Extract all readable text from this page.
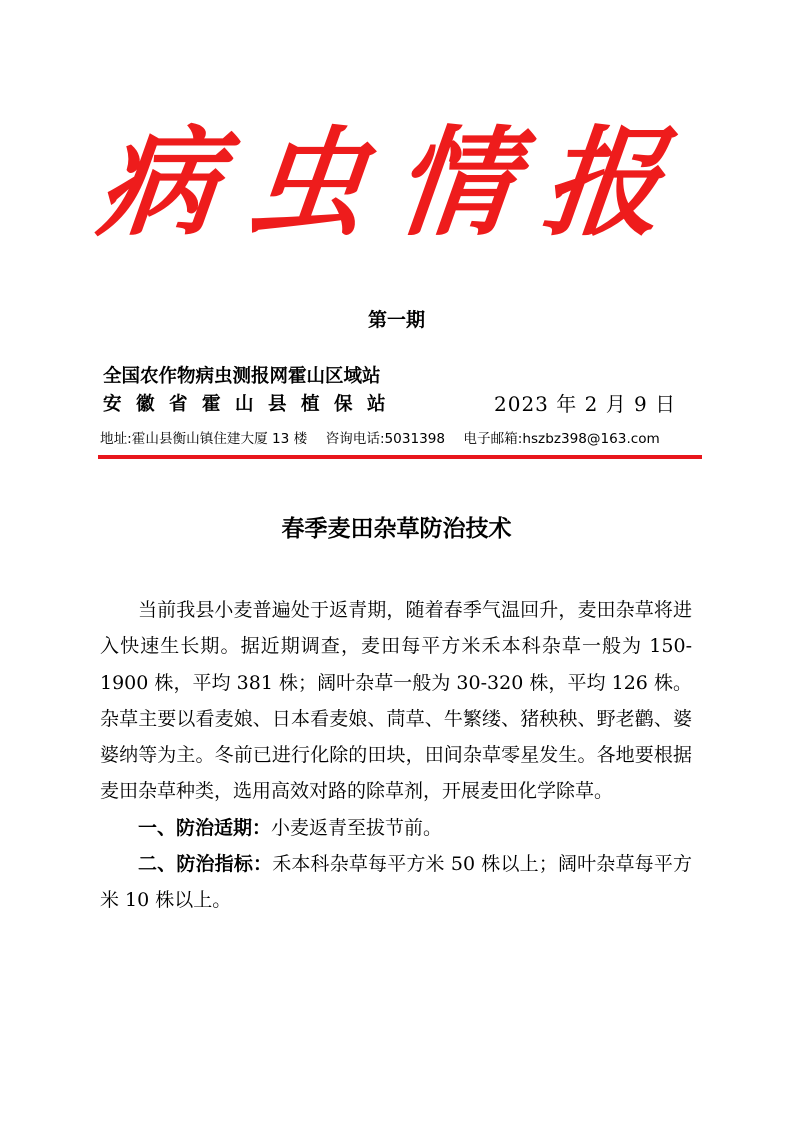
病虫情报
第一期
全国农作物病虫测报网霍山区域站
安徽省霍山县植保站	2023 年 2 月 9 日
地址:霍山县衡山镇住建大厦 13 楼 咨询电话:5031398 电子邮箱:hszbz398@163.com
春季麦田杂草防治技术

当前我县小麦普遍处于返青期，随着春季气温回升，麦田杂草将进入快速生长期。据近期调查，麦田每平方米禾本科杂草一般为 150-1900 株，平均 381 株；阔叶杂草一般为 30-320 株，平均 126 株。杂草主要以看麦娘、日本看麦娘、茼草、牛繁缕、猪秧秧、野老鹳、婆婆纳等为主。冬前已进行化除的田块，田间杂草零星发生。各地要根据麦田杂草种类，选用高效对路的除草剂，开展麦田化学除草。

一、防治适期：小麦返青至拔节前。

二、防治指标：禾本科杂草每平方米 50 株以上；阔叶杂草每平方米 10 株以上。
